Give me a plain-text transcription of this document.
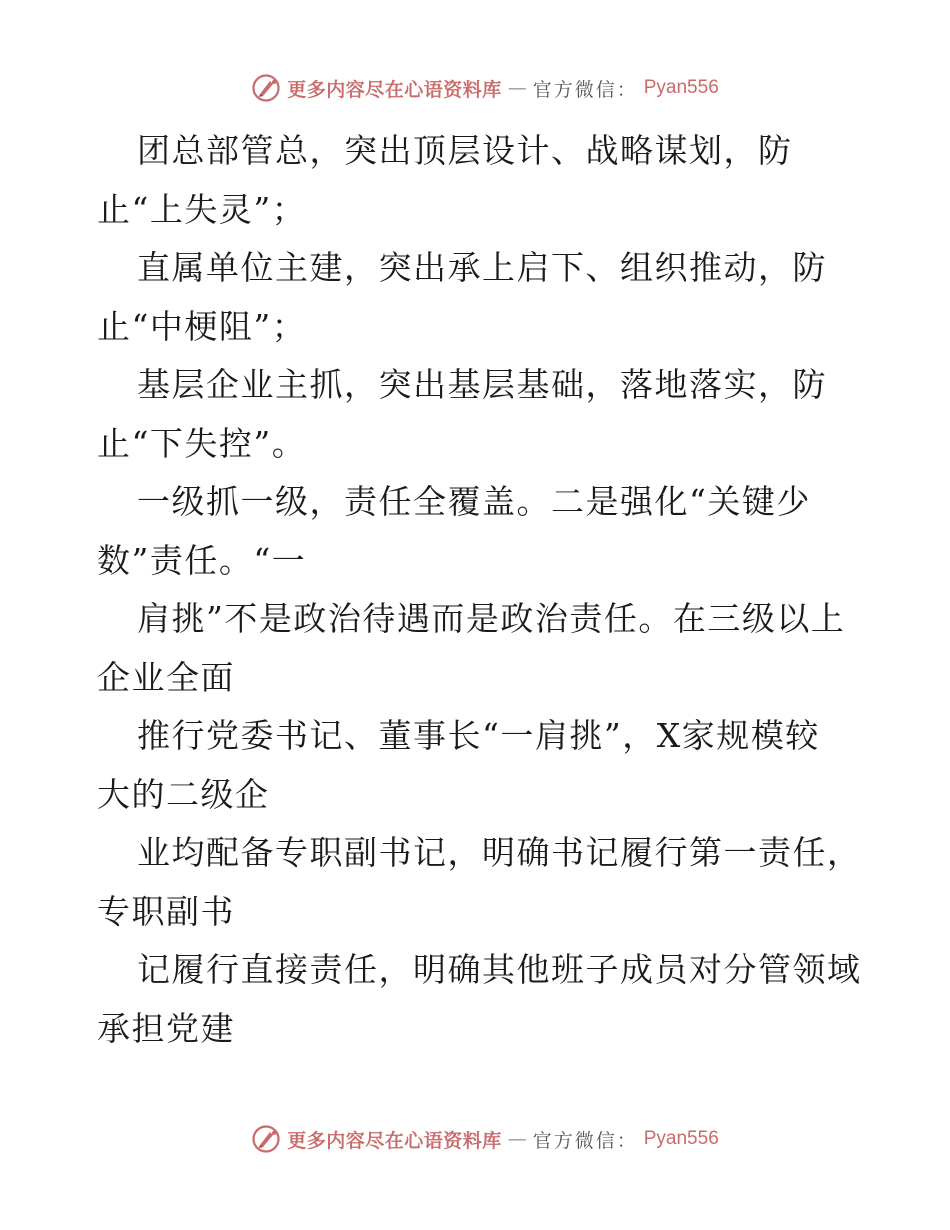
更多内容尽在心语资料库 — 官方微信： Pyan556
团总部管总，突出顶层设计、战略谋划，防
止“上失灵”；
直属单位主建，突出承上启下、组织推动，防
止“中梗阻”；
基层企业主抓，突出基层基础，落地落实，防
止“下失控”。
一级抓一级，责任全覆盖。二是强化“关键少
数”责任。“一
肩挑”不是政治待遇而是政治责任。在三级以上
企业全面
推行党委书记、董事长“一肩挑”，X家规模较
大的二级企
业均配备专职副书记，明确书记履行第一责任，
专职副书
记履行直接责任，明确其他班子成员对分管领域
承担党建
更多内容尽在心语资料库 — 官方微信： Pyan556
